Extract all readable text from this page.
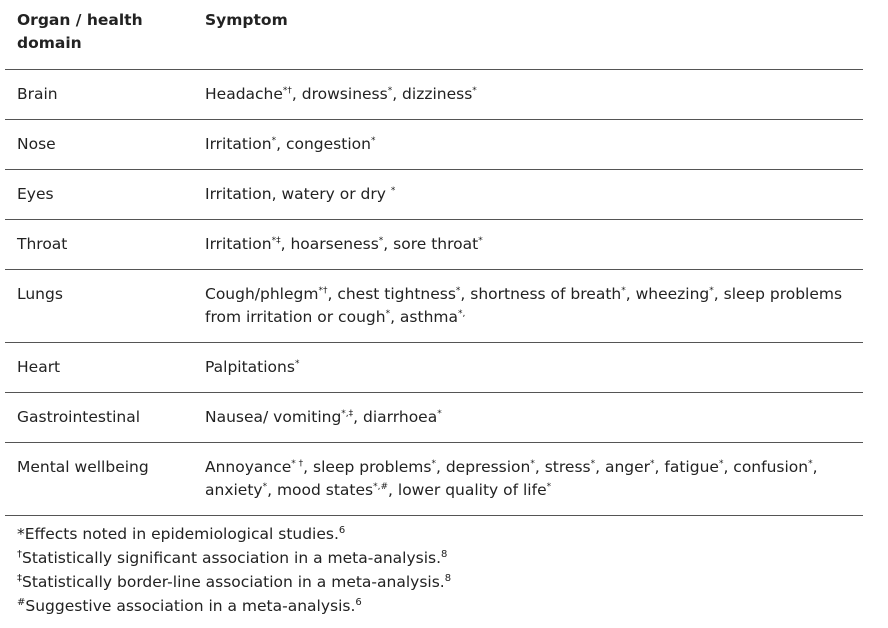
Organ / health domain	Symptom
Brain	Headache*†, drowsiness*, dizziness*
Nose	Irritation*, congestion*
Eyes	Irritation, watery or dry *
Throat	Irritation*‡, hoarseness*, sore throat*
Lungs	Cough/phlegm*†, chest tightness*, shortness of breath*, wheezing*, sleep problems from irritation or cough*, asthma*,
Heart	Palpitations*
Gastrointestinal	Nausea/ vomiting*,‡, diarrhoea*
Mental wellbeing	Annoyance* †, sleep problems*, depression*, stress*, anger*, fatigue*, confusion*, anxiety*, mood states*,#, lower quality of life*
*Effects noted in epidemiological studies.$^6$
†Statistically significant association in a meta-analysis.$^8$
‡Statistically border-line association in a meta-analysis.$^8$
#Suggestive association in a meta-analysis.$^6$
